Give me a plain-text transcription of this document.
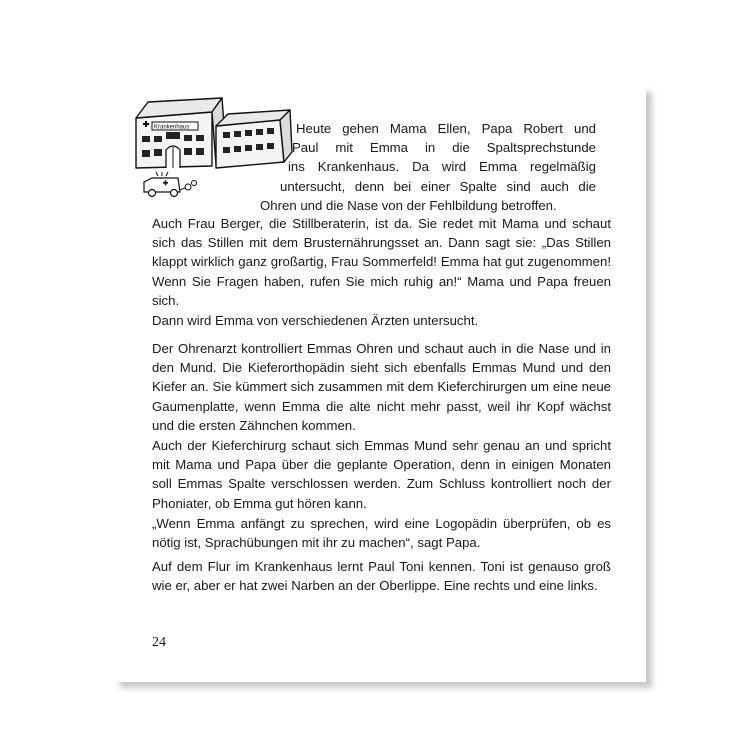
Krankenhaus	Heute gehen Mama Ellen, Papa Robert und
Paul mit Emma in die Spaltsprechstunde
ins Krankenhaus. Da wird Emma regelmäßig
untersucht, denn bei einer Spalte sind auch die
Ohren und die Nase von der Fehlbildung betroffen.
Auch Frau Berger, die Stillberaterin, ist da. Sie redet mit Mama und schaut sich das Stillen mit dem Brusternährungsset an. Dann sagt sie: „Das Stillen klappt wirklich ganz großartig, Frau Sommerfeld! Emma hat gut zugenommen! Wenn Sie Fragen haben, rufen Sie mich ruhig an!“ Mama und Papa freuen sich.
Dann wird Emma von verschiedenen Ärzten untersucht.
Der Ohrenarzt kontrolliert Emmas Ohren und schaut auch in die Nase und in den Mund. Die Kieferorthopädin sieht sich ebenfalls Emmas Mund und den Kiefer an. Sie kümmert sich zusammen mit dem Kieferchirurgen um eine neue Gaumenplatte, wenn Emma die alte nicht mehr passt, weil ihr Kopf wächst und die ersten Zähnchen kommen.
Auch der Kieferchirurg schaut sich Emmas Mund sehr genau an und spricht mit Mama und Papa über die geplante Operation, denn in einigen Monaten soll Emmas Spalte verschlossen werden. Zum Schluss kontrolliert noch der Phoniater, ob Emma gut hören kann.
„Wenn Emma anfängt zu sprechen, wird eine Logopädin überprüfen, ob es nötig ist, Sprachübungen mit ihr zu machen“, sagt Papa.
Auf dem Flur im Krankenhaus lernt Paul Toni kennen. Toni ist genauso groß wie er, aber er hat zwei Narben an der Oberlippe. Eine rechts und eine links.
24
